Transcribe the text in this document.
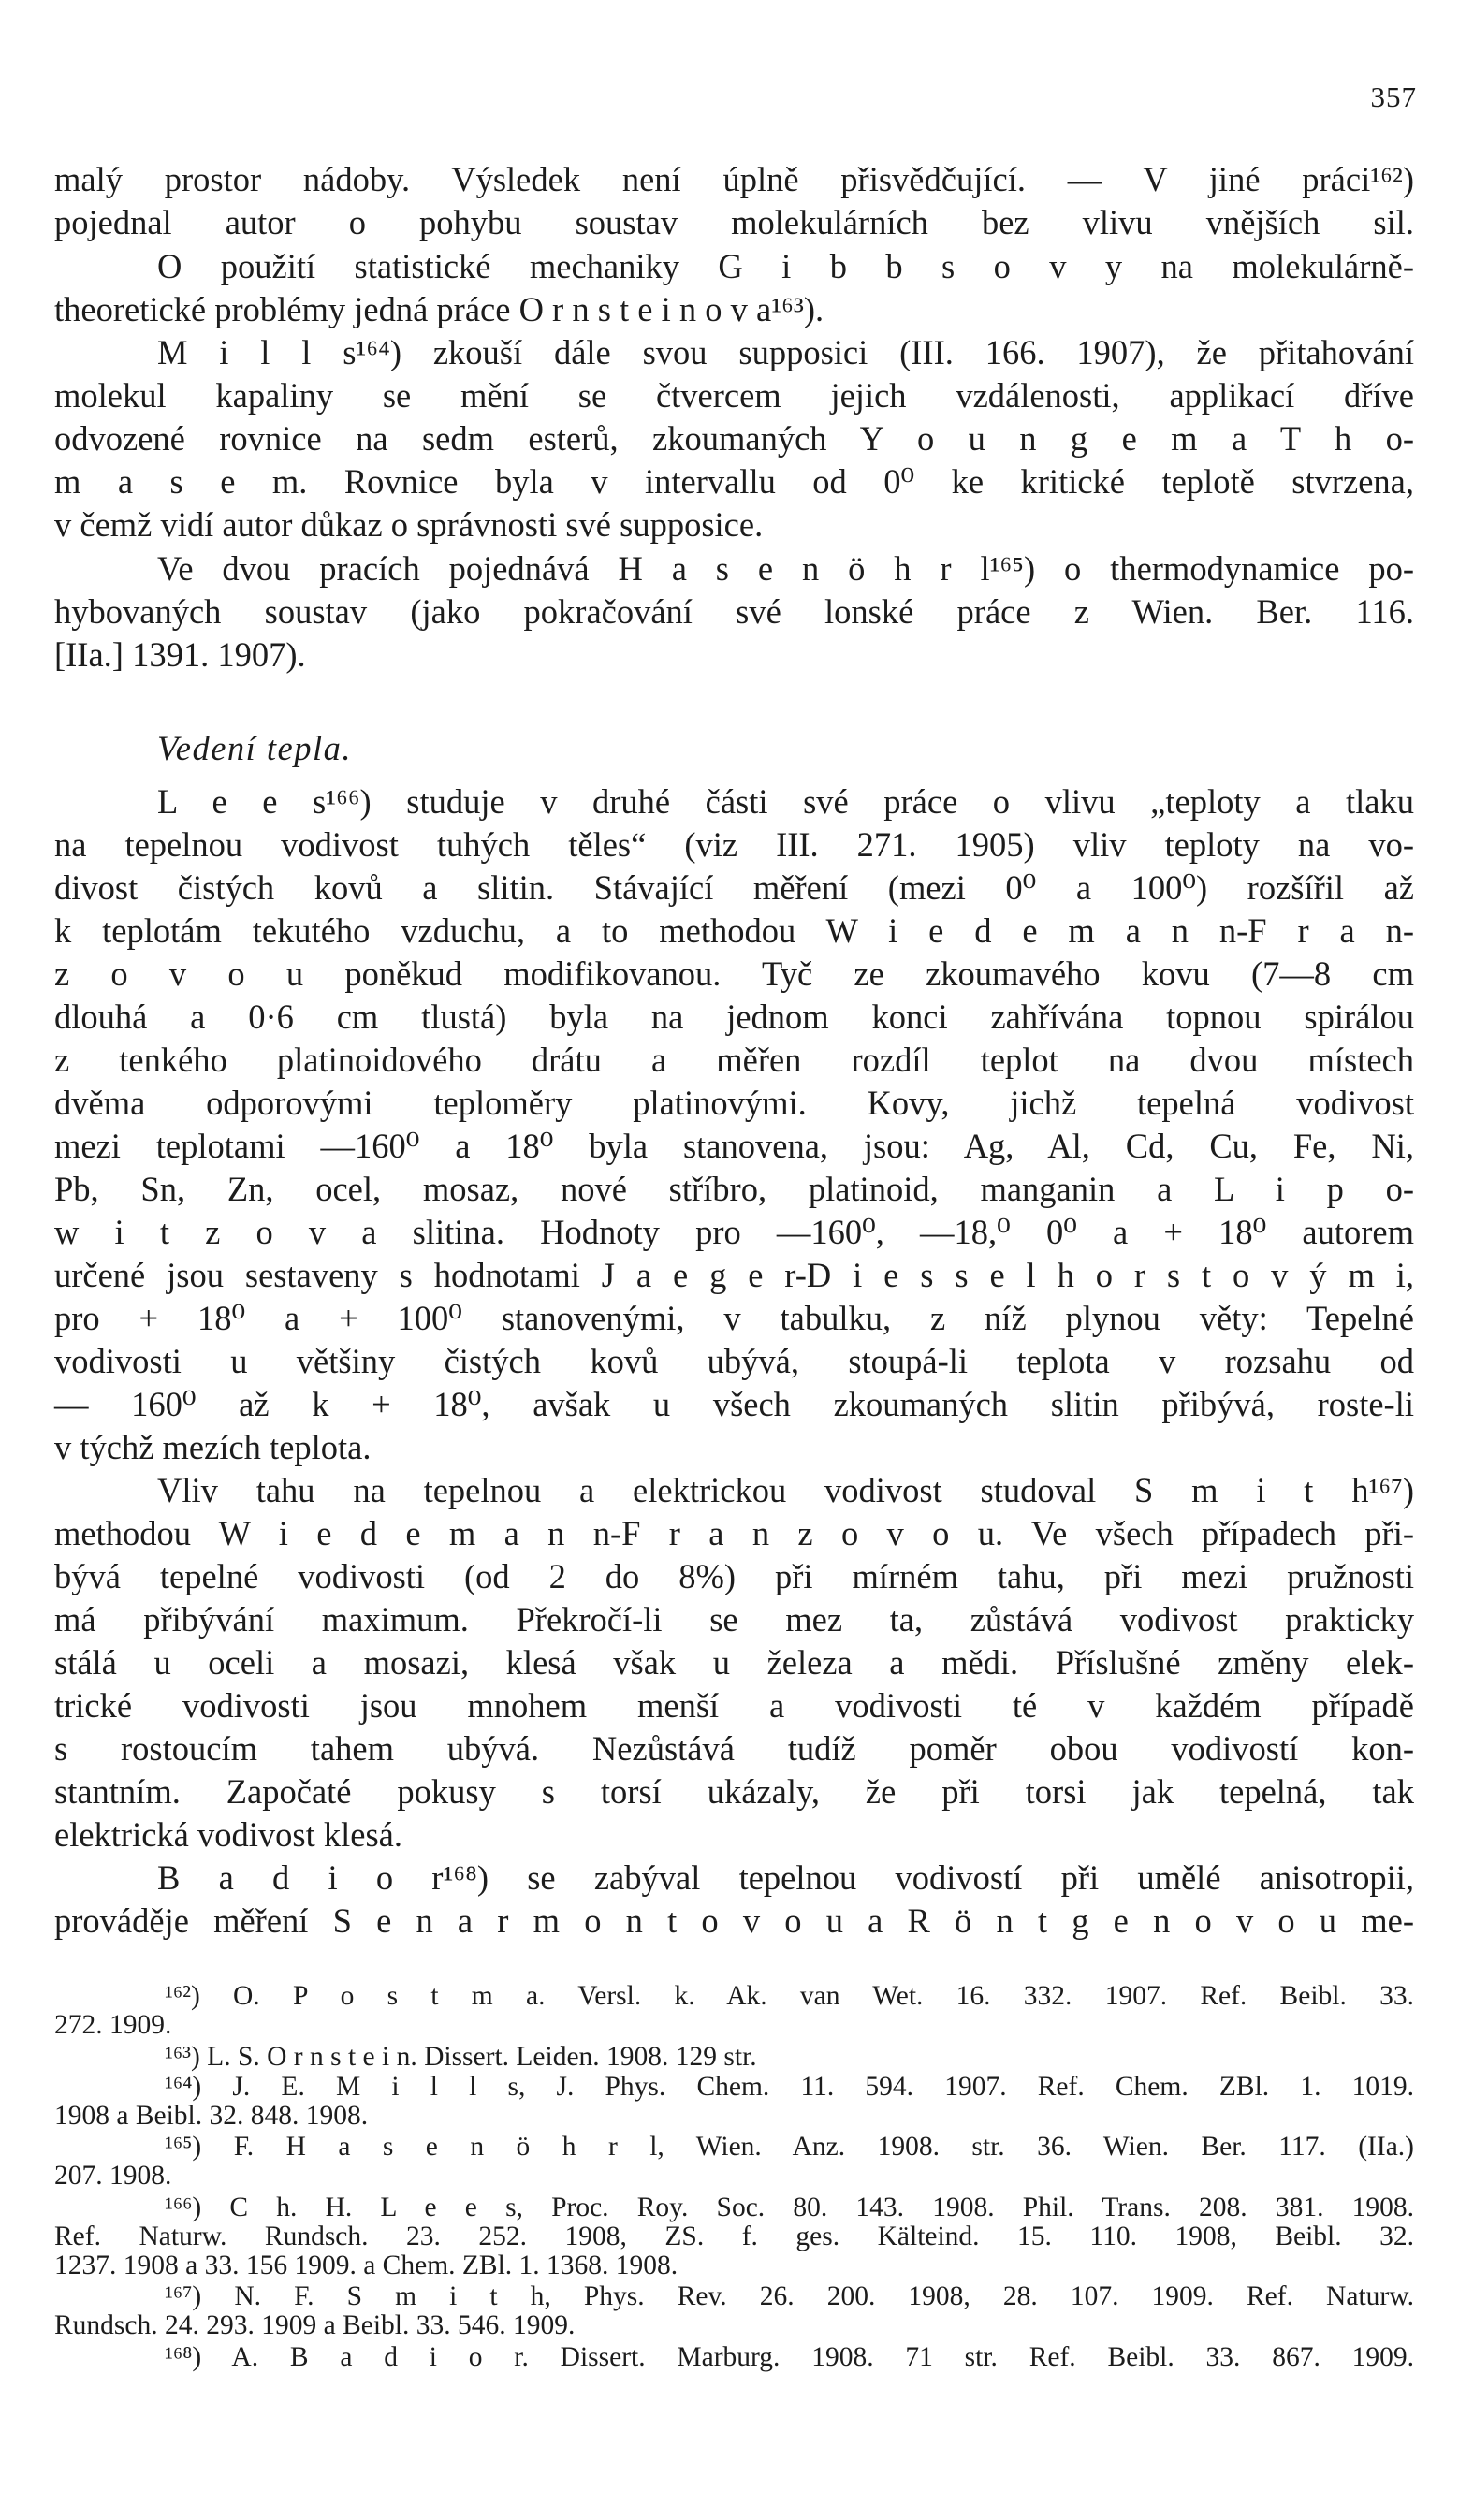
357
malý prostor nádoby. Výsledek není úplně přisvědčující. — V jiné práci¹⁶²)
pojednal autor o pohybu soustav molekulárních bez vlivu vnějších sil.
O použití statistické mechaniky G i b b s o v y na molekulárně-
theoretické problémy jedná práce O r n s t e i n o v a¹⁶³).
M i l l s¹⁶⁴) zkouší dále svou supposici (III. 166. 1907), že přitahování
molekul kapaliny se mění se čtvercem jejich vzdálenosti, applikací dříve
odvozené rovnice na sedm esterů, zkoumaných Y o u n g e m a T h o-
m a s e m. Rovnice byla v intervallu od 0⁰ ke kritické teplotě stvrzena,
v čemž vidí autor důkaz o správnosti své supposice.
Ve dvou pracích pojednává H a s e n ö h r l¹⁶⁵) o thermodynamice po-
hybovaných soustav (jako pokračování své lonské práce z Wien. Ber. 116.
[IIa.] 1391. 1907).
L e e s¹⁶⁶) studuje v druhé části své práce o vlivu „teploty a tlaku
na tepelnou vodivost tuhých těles“ (viz III. 271. 1905) vliv teploty na vo-
divost čistých kovů a slitin. Stávající měření (mezi 0⁰ a 100⁰) rozšířil až
k teplotám tekutého vzduchu, a to methodou W i e d e m a n n-F r a n-
z o v o u poněkud modifikovanou. Tyč ze zkoumavého kovu (7—8 cm
dlouhá a 0·6 cm tlustá) byla na jednom konci zahřívána topnou spirálou
z tenkého platinoidového drátu a měřen rozdíl teplot na dvou místech
dvěma odporovými teploměry platinovými. Kovy, jichž tepelná vodivost
mezi teplotami —160⁰ a 18⁰ byla stanovena, jsou: Ag, Al, Cd, Cu, Fe, Ni,
Pb, Sn, Zn, ocel, mosaz, nové stříbro, platinoid, manganin a L i p o-
w i t z o v a slitina. Hodnoty pro —160⁰, —18,⁰ 0⁰ a + 18⁰ autorem
určené jsou sestaveny s hodnotami J a e g e r-D i e s s e l h o r s t o v ý m i,
pro + 18⁰ a + 100⁰ stanovenými, v tabulku, z níž plynou věty: Tepelné
vodivosti u většiny čistých kovů ubývá, stoupá-li teplota v rozsahu od
— 160⁰ až k + 18⁰, avšak u všech zkoumaných slitin přibývá, roste-li
v týchž mezích teplota.
Vliv tahu na tepelnou a elektrickou vodivost studoval S m i t h¹⁶⁷)
methodou W i e d e m a n n-F r a n z o v o u. Ve všech případech při-
bývá tepelné vodivosti (od 2 do 8%) při mírném tahu, při mezi pružnosti
má přibývání maximum. Překročí-li se mez ta, zůstává vodivost prakticky
stálá u oceli a mosazi, klesá však u železa a mědi. Příslušné změny elek-
trické vodivosti jsou mnohem menší a vodivosti té v každém případě
s rostoucím tahem ubývá. Nezůstává tudíž poměr obou vodivostí kon-
stantním. Započaté pokusy s torsí ukázaly, že při torsi jak tepelná, tak
elektrická vodivost klesá.
B a d i o r¹⁶⁸) se zabýval tepelnou vodivostí při umělé anisotropii,
prováděje měření S e n a r m o n t o v o u a R ö n t g e n o v o u me-
Vedení tepla.
¹⁶²) O. P o s t m a. Versl. k. Ak. van Wet. 16. 332. 1907. Ref. Beibl. 33.
272. 1909.
¹⁶³) L. S. O r n s t e i n. Dissert. Leiden. 1908. 129 str.
¹⁶⁴) J. E. M i l l s, J. Phys. Chem. 11. 594. 1907. Ref. Chem. ZBl. 1. 1019.
1908 a Beibl. 32. 848. 1908.
¹⁶⁵) F. H a s e n ö h r l, Wien. Anz. 1908. str. 36. Wien. Ber. 117. (IIa.)
207. 1908.
¹⁶⁶) C h. H. L e e s, Proc. Roy. Soc. 80. 143. 1908. Phil. Trans. 208. 381. 1908.
Ref. Naturw. Rundsch. 23. 252. 1908, ZS. f. ges. Kälteind. 15. 110. 1908, Beibl. 32.
1237. 1908 a 33. 156 1909. a Chem. ZBl. 1. 1368. 1908.
¹⁶⁷) N. F. S m i t h, Phys. Rev. 26. 200. 1908, 28. 107. 1909. Ref. Naturw.
Rundsch. 24. 293. 1909 a Beibl. 33. 546. 1909.
¹⁶⁸) A. B a d i o r. Dissert. Marburg. 1908. 71 str. Ref. Beibl. 33. 867. 1909.
